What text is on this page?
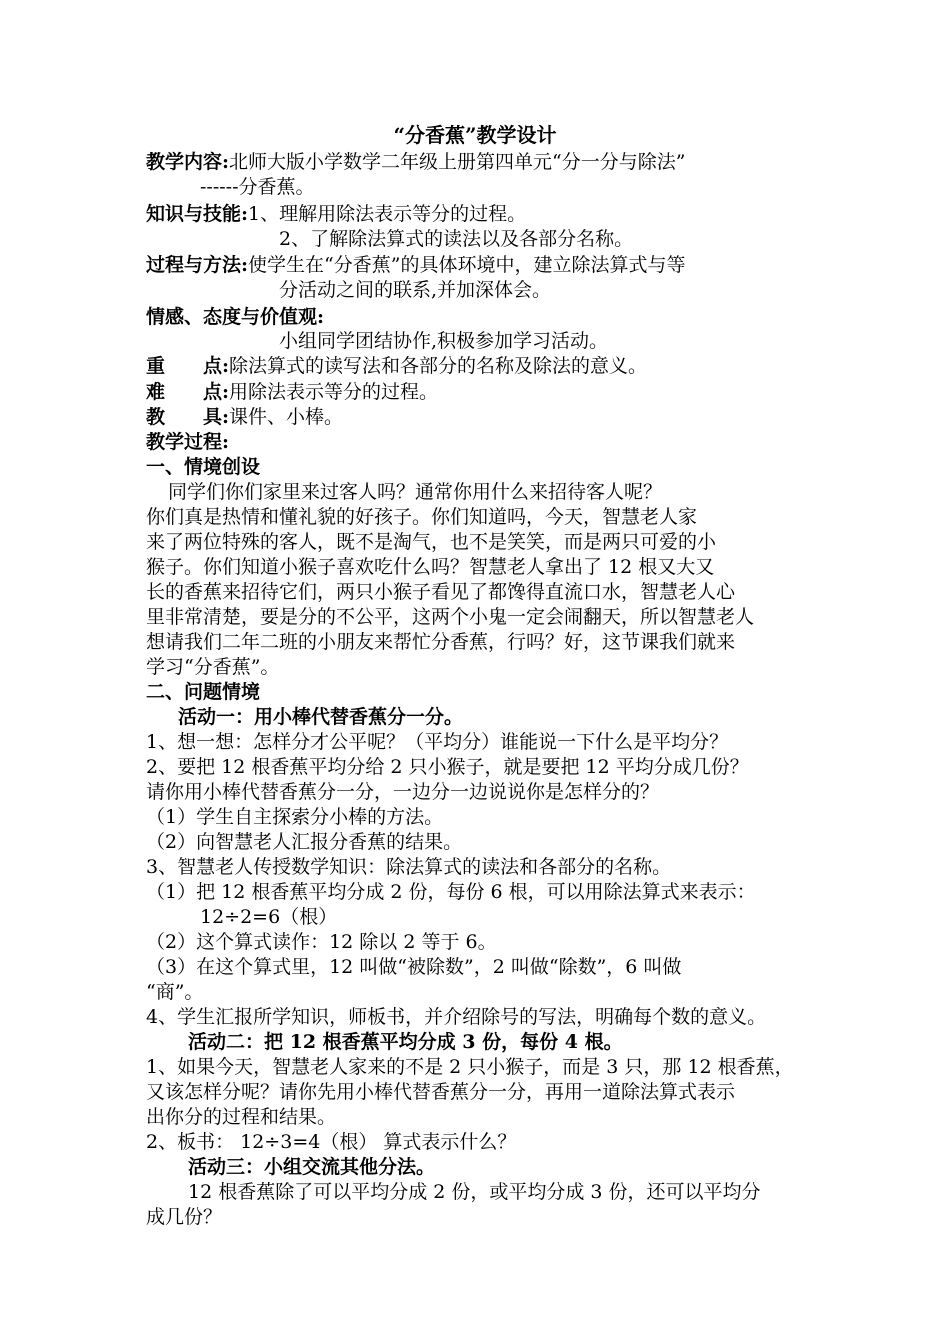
“分香蕉”教学设计
教学内容:北师大版小学数学二年级上册第四单元“分一分与除法”
------分香蕉。
知识与技能:1、理解用除法表示等分的过程。
2、了解除法算式的读法以及各部分名称。
过程与方法:使学生在“分香蕉”的具体环境中，建立除法算式与等
分活动之间的联系,并加深体会。
情感、态度与价值观:
小组同学团结协作,积极参加学习活动。
重　　点:除法算式的读写法和各部分的名称及除法的意义。
难　　点:用除法表示等分的过程。
教　　具:课件、小棒。
教学过程:
一、情境创设
同学们你们家里来过客人吗？通常你用什么来招待客人呢？
你们真是热情和懂礼貌的好孩子。你们知道吗，今天，智慧老人家
来了两位特殊的客人，既不是淘气，也不是笑笑，而是两只可爱的小
猴子。你们知道小猴子喜欢吃什么吗？智慧老人拿出了 12 根又大又
长的香蕉来招待它们，两只小猴子看见了都馋得直流口水，智慧老人心
里非常清楚，要是分的不公平，这两个小鬼一定会闹翻天，所以智慧老人
想请我们二年二班的小朋友来帮忙分香蕉，行吗？好，这节课我们就来
学习“分香蕉”。
二、问题情境
活动一：用小棒代替香蕉分一分。
1、想一想：怎样分才公平呢？（平均分）谁能说一下什么是平均分？
2、要把 12 根香蕉平均分给 2 只小猴子，就是要把 12 平均分成几份？
请你用小棒代替香蕉分一分，一边分一边说说你是怎样分的？
（1）学生自主探索分小棒的方法。
（2）向智慧老人汇报分香蕉的结果。
3、智慧老人传授数学知识：除法算式的读法和各部分的名称。
（1）把 12 根香蕉平均分成 2 份，每份 6 根，可以用除法算式来表示：
12÷2=6（根）
（2）这个算式读作：12 除以 2 等于 6。
（3）在这个算式里，12 叫做“被除数”，2 叫做“除数”，6 叫做
“商”。
4、学生汇报所学知识，师板书，并介绍除号的写法，明确每个数的意义。
活动二：把 12 根香蕉平均分成 3 份，每份 4 根。
1、如果今天，智慧老人家来的不是 2 只小猴子，而是 3 只，那 12 根香蕉，
又该怎样分呢？请你先用小棒代替香蕉分一分，再用一道除法算式表示
出你分的过程和结果。
2、板书： 12÷3=4（根） 算式表示什么？
活动三：小组交流其他分法。
12 根香蕉除了可以平均分成 2 份，或平均分成 3 份，还可以平均分
成几份？
